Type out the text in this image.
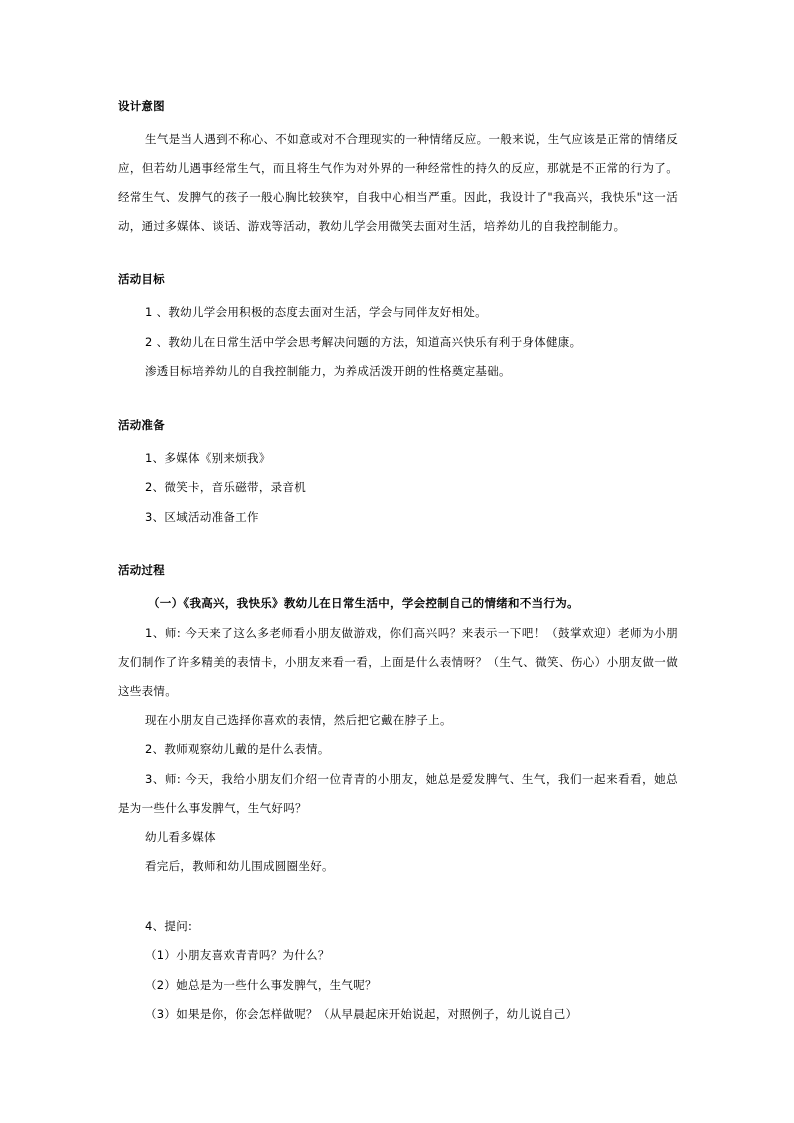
设计意图

生气是当人遇到不称心、不如意或对不合理现实的一种情绪反应。一般来说，生气应该是正常的情绪反应，但若幼儿遇事经常生气，而且将生气作为对外界的一种经常性的持久的反应，那就是不正常的行为了。经常生气、发脾气的孩子一般心胸比较狭窄，自我中心相当严重。因此，我设计了"我高兴，我快乐"这一活动，通过多媒体、谈话、游戏等活动，教幼儿学会用微笑去面对生活，培养幼儿的自我控制能力。

活动目标

1 、教幼儿学会用积极的态度去面对生活，学会与同伴友好相处。

2 、教幼儿在日常生活中学会思考解决问题的方法，知道高兴快乐有利于身体健康。

渗透目标培养幼儿的自我控制能力，为养成活泼开朗的性格奠定基础。

活动准备

1、多媒体《别来烦我》

2、微笑卡，音乐磁带，录音机

3、区域活动准备工作

活动过程

（一）《我高兴，我快乐》教幼儿在日常生活中，学会控制自己的情绪和不当行为。

1、师: 今天来了这么多老师看小朋友做游戏，你们高兴吗？来表示一下吧！（鼓掌欢迎）老师为小朋友们制作了许多精美的表情卡，小朋友来看一看，上面是什么表情呀？（生气、微笑、伤心）小朋友做一做这些表情。

现在小朋友自己选择你喜欢的表情，然后把它戴在脖子上。

2、教师观察幼儿戴的是什么表情。

3、师: 今天，我给小朋友们介绍一位青青的小朋友，她总是爱发脾气、生气，我们一起来看看，她总是为一些什么事发脾气，生气好吗？

幼儿看多媒体

看完后，教师和幼儿围成圆圈坐好。

4、提问:

（1）小朋友喜欢青青吗？为什么？

（2）她总是为一些什么事发脾气，生气呢？

（3）如果是你，你会怎样做呢？（从早晨起床开始说起，对照例子，幼儿说自己）
